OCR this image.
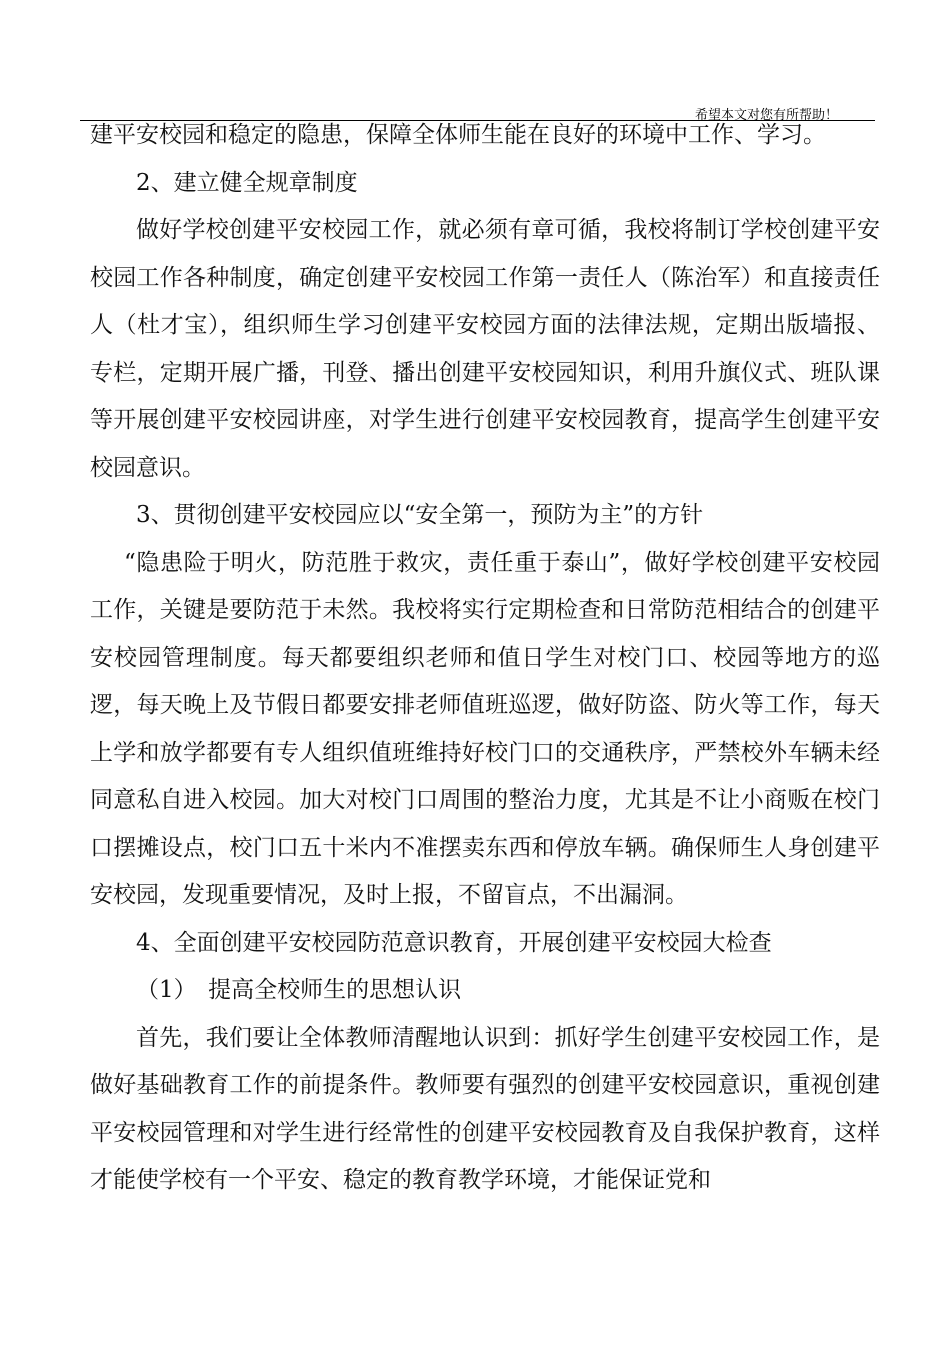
希望本文对您有所帮助！

建平安校园和稳定的隐患，保障全体师生能在良好的环境中工作、学习。

2、建立健全规章制度

做好学校创建平安校园工作，就必须有章可循，我校将制订学校创建平安校园工作各种制度，确定创建平安校园工作第一责任人（陈治军）和直接责任人（杜才宝），组织师生学习创建平安校园方面的法律法规，定期出版墙报、专栏，定期开展广播，刊登、播出创建平安校园知识，利用升旗仪式、班队课等开展创建平安校园讲座，对学生进行创建平安校园教育，提高学生创建平安校园意识。

3、贯彻创建平安校园应以“安全第一，预防为主”的方针

“隐患险于明火，防范胜于救灾，责任重于泰山”，做好学校创建平安校园工作，关键是要防范于未然。我校将实行定期检查和日常防范相结合的创建平安校园管理制度。每天都要组织老师和值日学生对校门口、校园等地方的巡逻，每天晚上及节假日都要安排老师值班巡逻，做好防盗、防火等工作，每天上学和放学都要有专人组织值班维持好校门口的交通秩序，严禁校外车辆未经同意私自进入校园。加大对校门口周围的整治力度，尤其是不让小商贩在校门口摆摊设点，校门口五十米内不准摆卖东西和停放车辆。确保师生人身创建平安校园，发现重要情况，及时上报，不留盲点，不出漏洞。

4、全面创建平安校园防范意识教育，开展创建平安校园大检查

（1）　提高全校师生的思想认识

首先，我们要让全体教师清醒地认识到：抓好学生创建平安校园工作，是做好基础教育工作的前提条件。教师要有强烈的创建平安校园意识，重视创建平安校园管理和对学生进行经常性的创建平安校园教育及自我保护教育，这样才能使学校有一个平安、稳定的教育教学环境，才能保证党和
